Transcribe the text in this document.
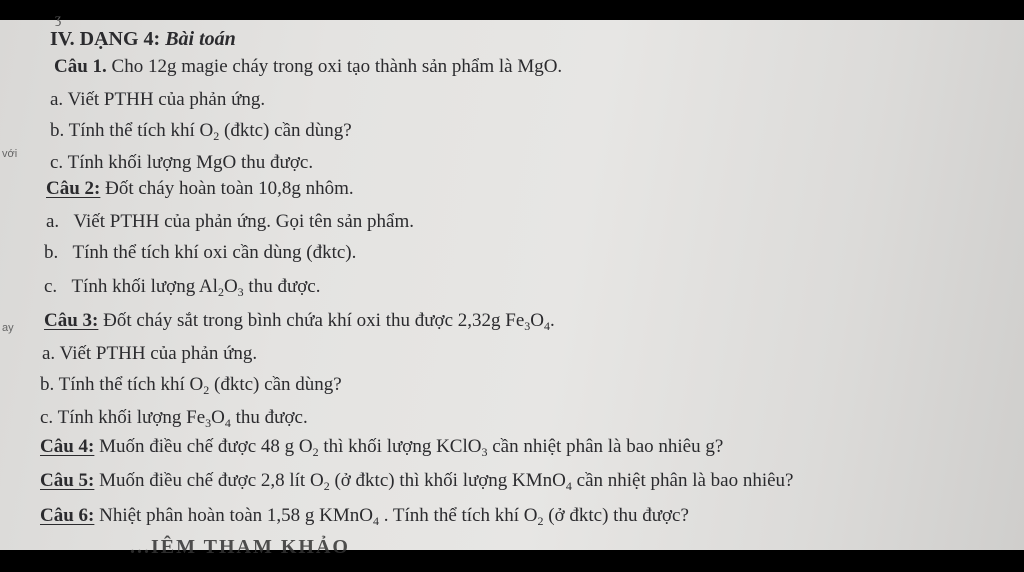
ʒ
IV. DẠNG 4: Bài toán
Câu 1. Cho 12g magie cháy trong oxi tạo thành sản phẩm là MgO.
a. Viết PTHH của phản ứng.
b. Tính thể tích khí $O_2$ (đktc) cần dùng?
c. Tính khối lượng MgO thu được.
với
Câu 2: Đốt cháy hoàn toàn 10,8g nhôm.
a. Viết PTHH của phản ứng. Gọi tên sản phẩm.
b. Tính thể tích khí oxi cần dùng (đktc).
c. Tính khối lượng $Al_2O_3$ thu được.
ay Câu 3: Đốt cháy sắt trong bình chứa khí oxi thu được 2,32g $Fe_3O_4$.
a. Viết PTHH của phản ứng.
b. Tính thể tích khí $O_2$ (đktc) cần dùng?
c. Tính khối lượng $Fe_3O_4$ thu được.
Câu 4: Muốn điều chế được 48 g $O_2$ thì khối lượng KClO$_3$ cần nhiệt phân là bao nhiêu g?
Câu 5: Muốn điều chế được 2,8 lít $O_2$ (ở đktc) thì khối lượng KMnO$_4$ cần nhiệt phân là bao nhiêu?
Câu 6: Nhiệt phân hoàn toàn 1,58 g KMnO$_4$ . Tính thể tích khí $O_2$ (ở đktc) thu được?
...IÊM THAM KHẢO
